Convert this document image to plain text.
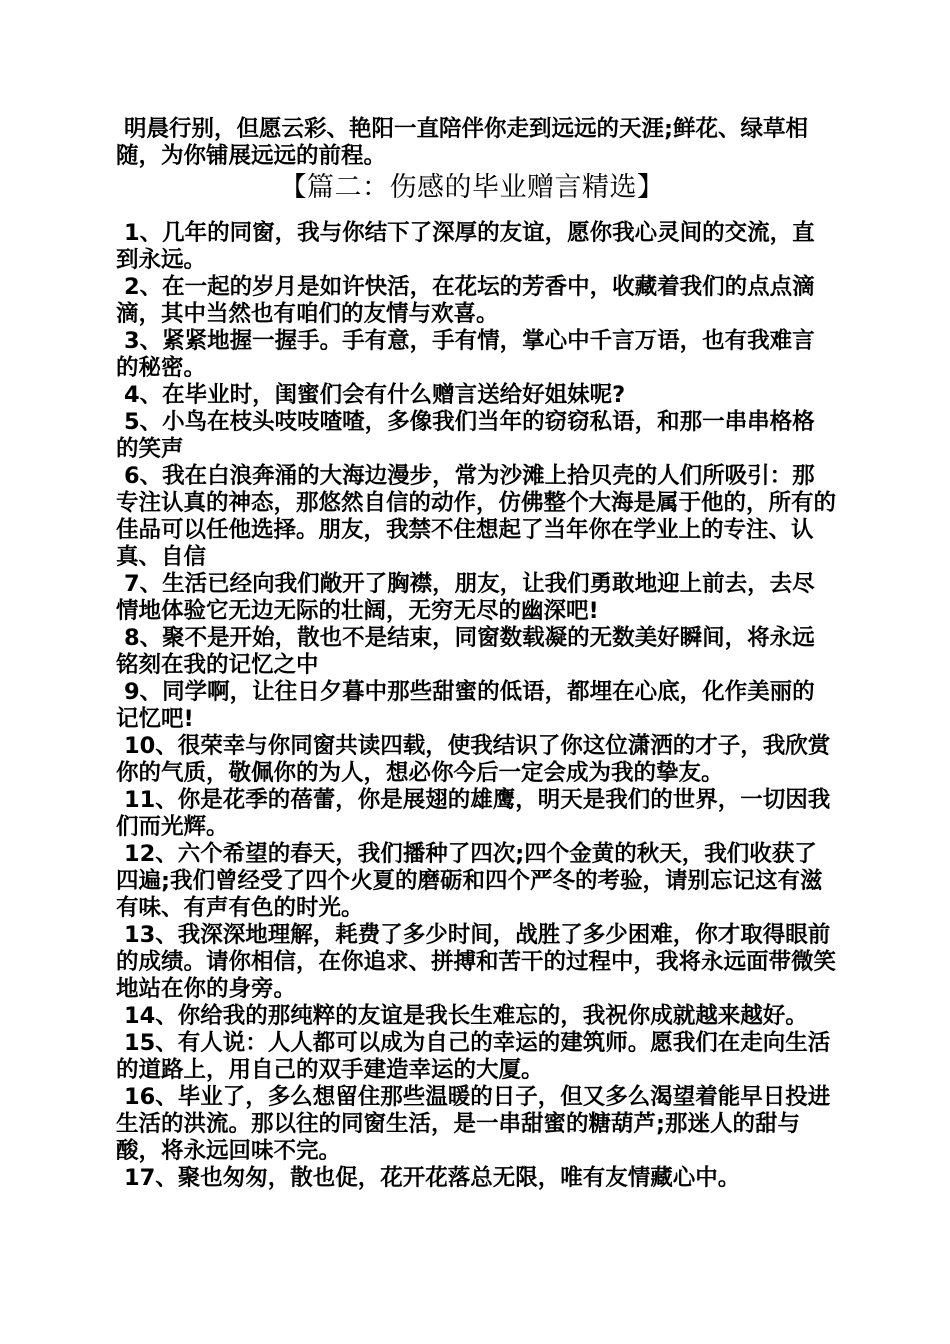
明晨行别，但愿云彩、艳阳一直陪伴你走到远远的天涯;鲜花、绿草相随，为你铺展远远的前程。

【篇二：伤感的毕业赠言精选】

1、几年的同窗，我与你结下了深厚的友谊，愿你我心灵间的交流，直到永远。

2、在一起的岁月是如许快活，在花坛的芳香中，收藏着我们的点点滴滴，其中当然也有咱们的友情与欢喜。

3、紧紧地握一握手。手有意，手有情，掌心中千言万语，也有我难言的秘密。

4、在毕业时，闺蜜们会有什么赠言送给好姐妹呢?

5、小鸟在枝头吱吱喳喳，多像我们当年的窃窃私语，和那一串串格格的笑声

6、我在白浪奔涌的大海边漫步，常为沙滩上拾贝壳的人们所吸引：那专注认真的神态，那悠然自信的动作，仿佛整个大海是属于他的，所有的佳品可以任他选择。朋友，我禁不住想起了当年你在学业上的专注、认真、自信

7、生活已经向我们敞开了胸襟，朋友，让我们勇敢地迎上前去，去尽情地体验它无边无际的壮阔，无穷无尽的幽深吧!

8、聚不是开始，散也不是结束，同窗数载凝的无数美好瞬间，将永远铭刻在我的记忆之中

9、同学啊，让往日夕暮中那些甜蜜的低语，都埋在心底，化作美丽的记忆吧!

10、很荣幸与你同窗共读四载，使我结识了你这位潇洒的才子，我欣赏你的气质，敬佩你的为人，想必你今后一定会成为我的挚友。

11、你是花季的蓓蕾，你是展翅的雄鹰，明天是我们的世界，一切因我们而光辉。

12、六个希望的春天，我们播种了四次;四个金黄的秋天，我们收获了四遍;我们曾经受了四个火夏的磨砺和四个严冬的考验，请别忘记这有滋有味、有声有色的时光。

13、我深深地理解，耗费了多少时间，战胜了多少困难，你才取得眼前的成绩。请你相信，在你追求、拼搏和苦干的过程中，我将永远面带微笑地站在你的身旁。

14、你给我的那纯粹的友谊是我长生难忘的，我祝你成就越来越好。

15、有人说：人人都可以成为自己的幸运的建筑师。愿我们在走向生活的道路上，用自己的双手建造幸运的大厦。

16、毕业了，多么想留住那些温暖的日子，但又多么渴望着能早日投进生活的洪流。那以往的同窗生活，是一串甜蜜的糖葫芦;那迷人的甜与酸，将永远回味不完。

17、聚也匆匆，散也促，花开花落总无限，唯有友情藏心中。
